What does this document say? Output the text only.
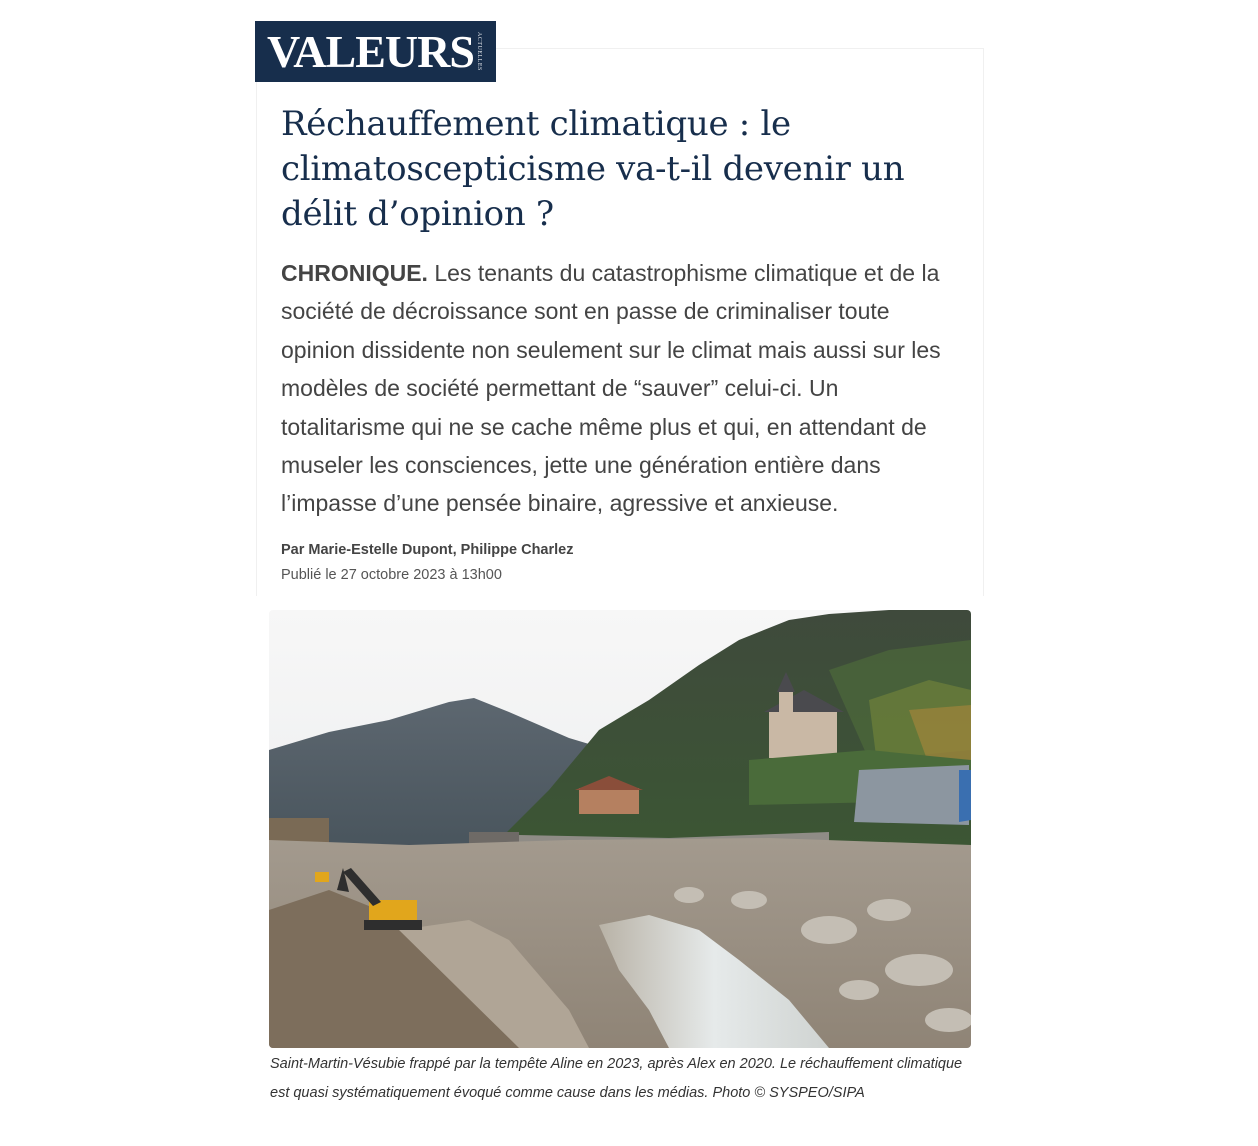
VALEURS ACTUELLES
Réchauffement climatique : le climatoscepticisme va-t-il devenir un délit d’opinion ?

CHRONIQUE. Les tenants du catastrophisme climatique et de la société de décroissance sont en passe de criminaliser toute opinion dissidente non seulement sur le climat mais aussi sur les modèles de société permettant de “sauver” celui-ci. Un totalitarisme qui ne se cache même plus et qui, en attendant de museler les consciences, jette une génération entière dans l’impasse d’une pensée binaire, agressive et anxieuse.

Par Marie-Estelle Dupont, Philippe Charlez
Publié le 27 octobre 2023 à 13h00

Saint-Martin-Vésubie frappé par la tempête Aline en 2023, après Alex en 2020. Le réchauffement climatique est quasi systématiquement évoqué comme cause dans les médias. Photo © SYSPEO/SIPA
